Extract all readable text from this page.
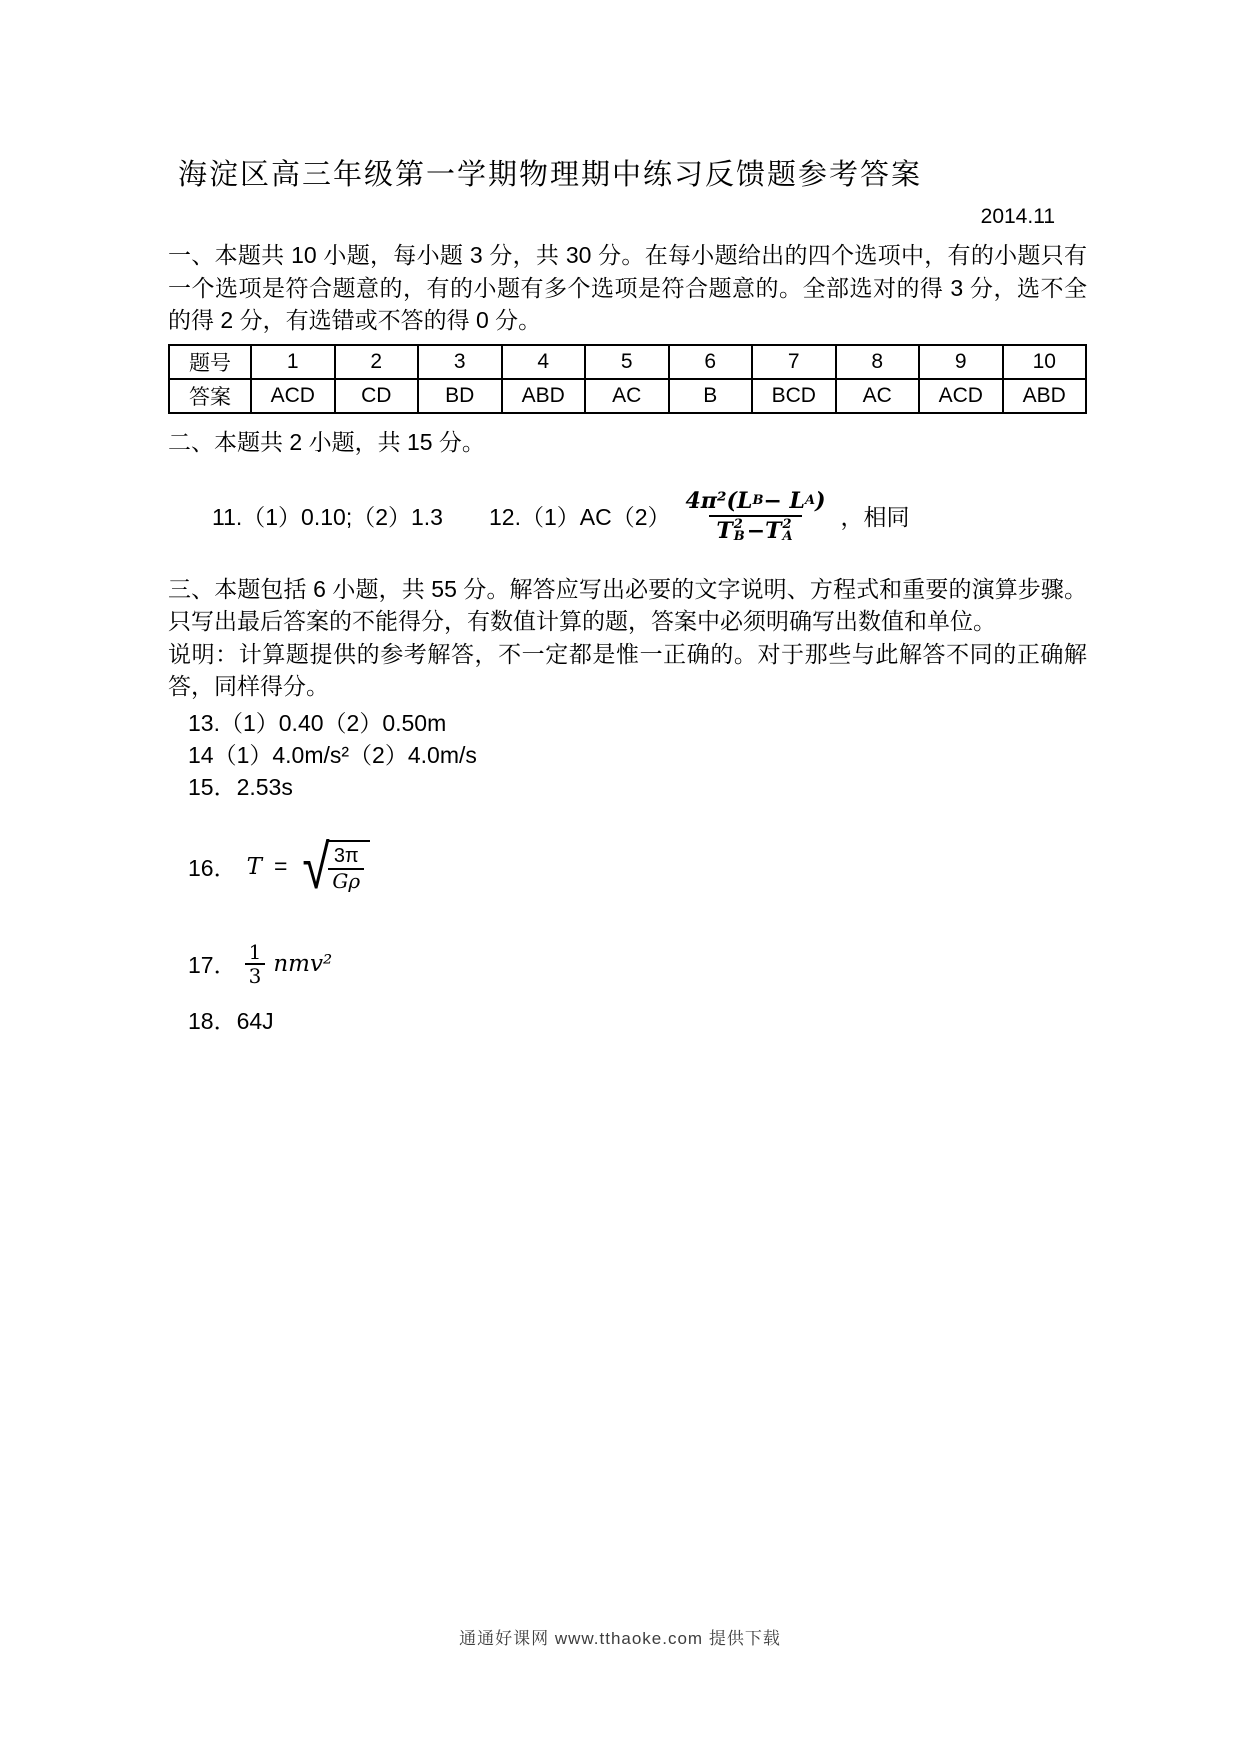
海淀区高三年级第一学期物理期中练习反馈题参考答案
2014.11

一、本题共 10 小题，每小题 3 分，共 30 分。在每小题给出的四个选项中，有的小题只有一个选项是符合题意的，有的小题有多个选项是符合题意的。全部选对的得 3 分，选不全的得 2 分，有选错或不答的得 0 分。

题号	1	2	3	4	5	6	7	8	9	10
答案	ACD	CD	BD	ABD	AC	B	BCD	AC	ACD	ABD

二、本题共 2 小题，共 15 分。

11.（1）0.10;（2）1.3 12.（1）AC（2） 4π²(L B − L A )
T 2
B − T 2
A ，相同

三、本题包括 6 小题，共 55 分。解答应写出必要的文字说明、方程式和重要的演算步骤。只写出最后答案的不能得分，有数值计算的题，答案中必须明确写出数值和单位。

说明：计算题提供的参考解答，不一定都是惟一正确的。对于那些与此解答不同的正确解答，同样得分。

13.（1）0.40（2）0.50m
14（1）4.0m/s²（2）4.0m/s
15．2.53s
16． T = √
$\frac{3\pi}{G\rho}$
17． $\frac{1}{3} nmv^2$
18．64J
通通好课网 www.tthaoke.com 提供下载
